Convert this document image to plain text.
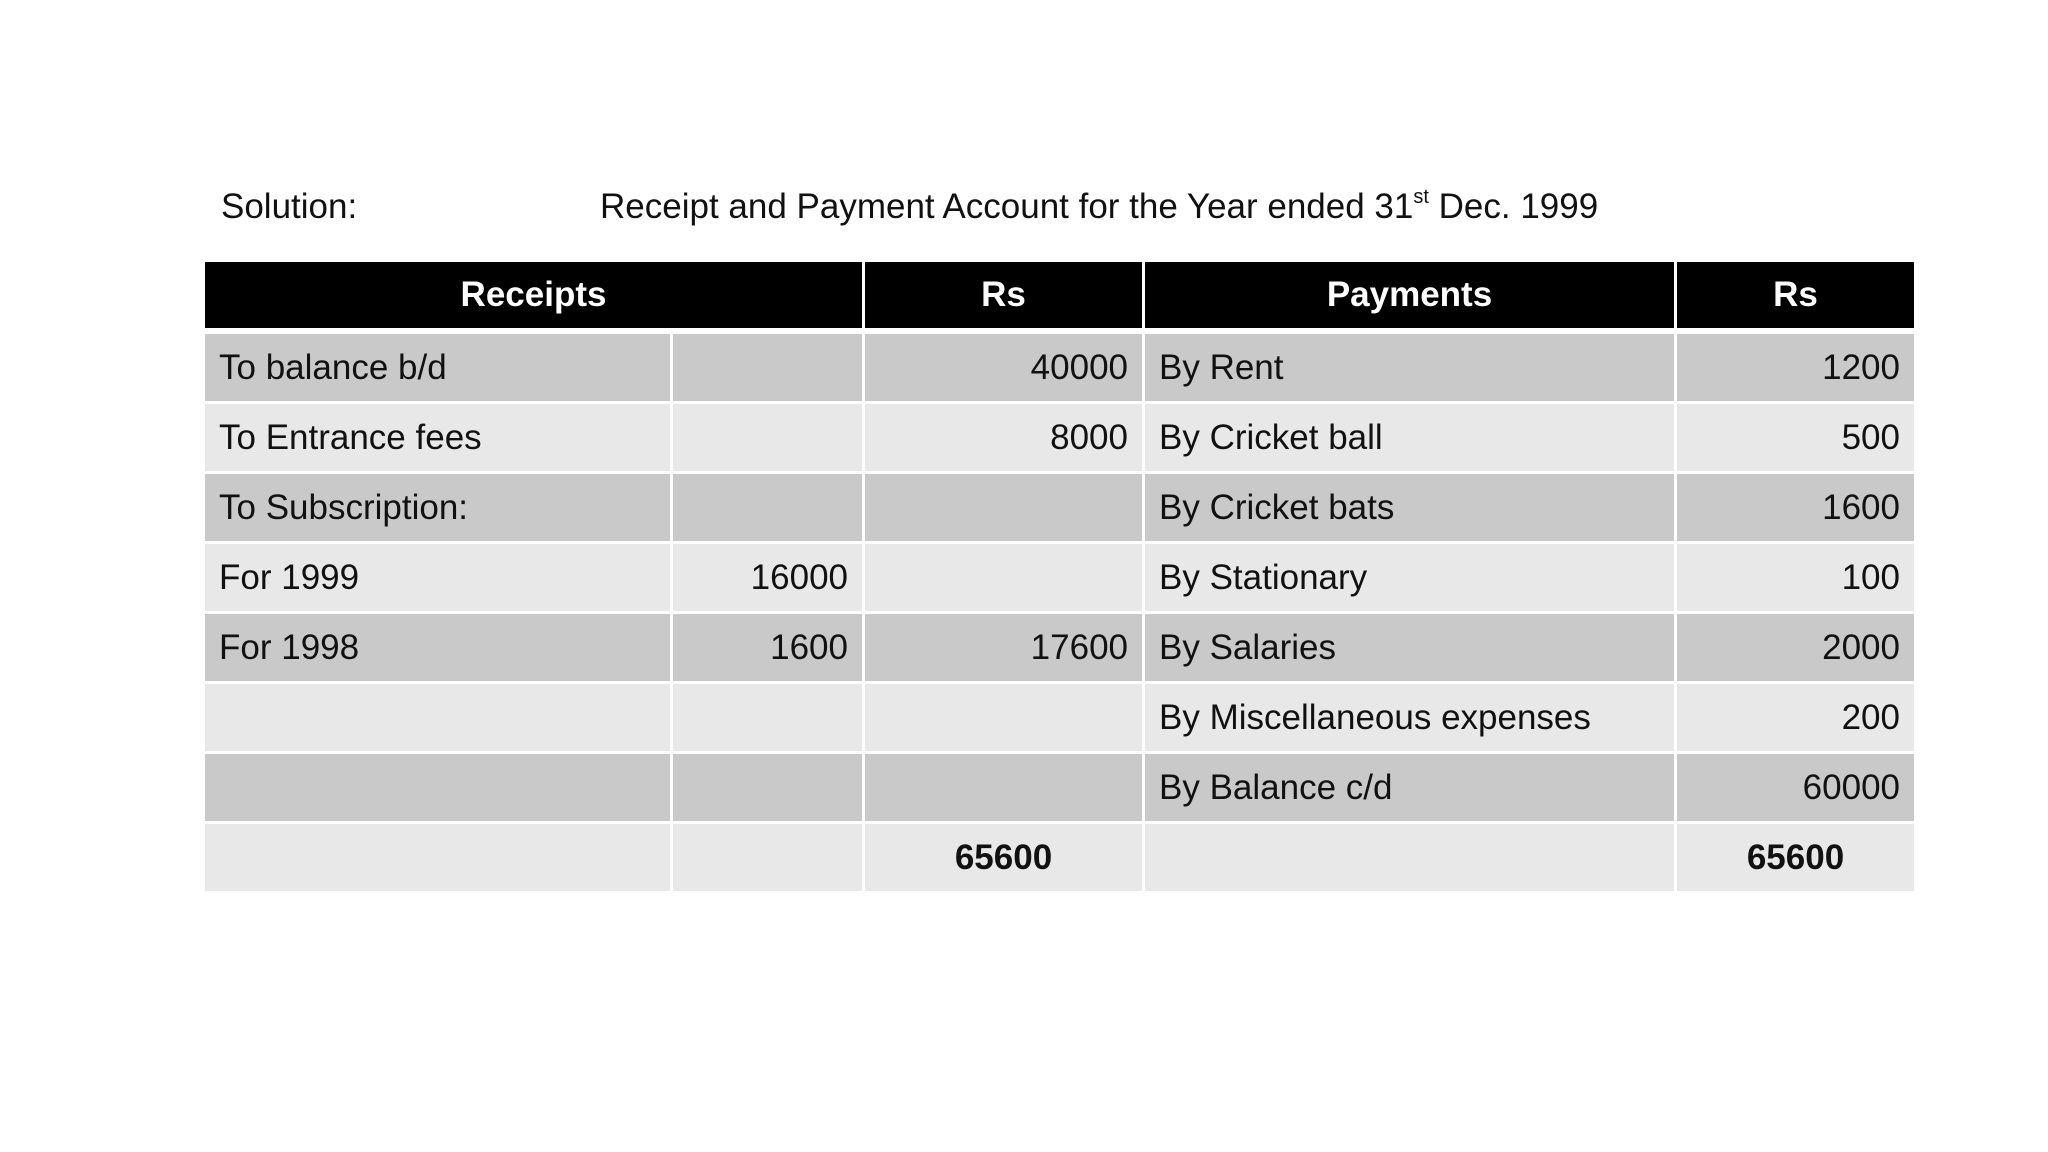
Solution:	Receipt and Payment Account for the Year ended 31st Dec. 1999
Receipts		Rs	Payments	Rs
To balance b/d		40000	By Rent	1200
To Entrance fees		8000	By Cricket ball	500
To Subscription:			By Cricket bats	1600
For 1999	16000		By Stationary	100
For 1998	1600	17600	By Salaries	2000
			By Miscellaneous expenses	200
			By Balance c/d	60000
		65600		65600
